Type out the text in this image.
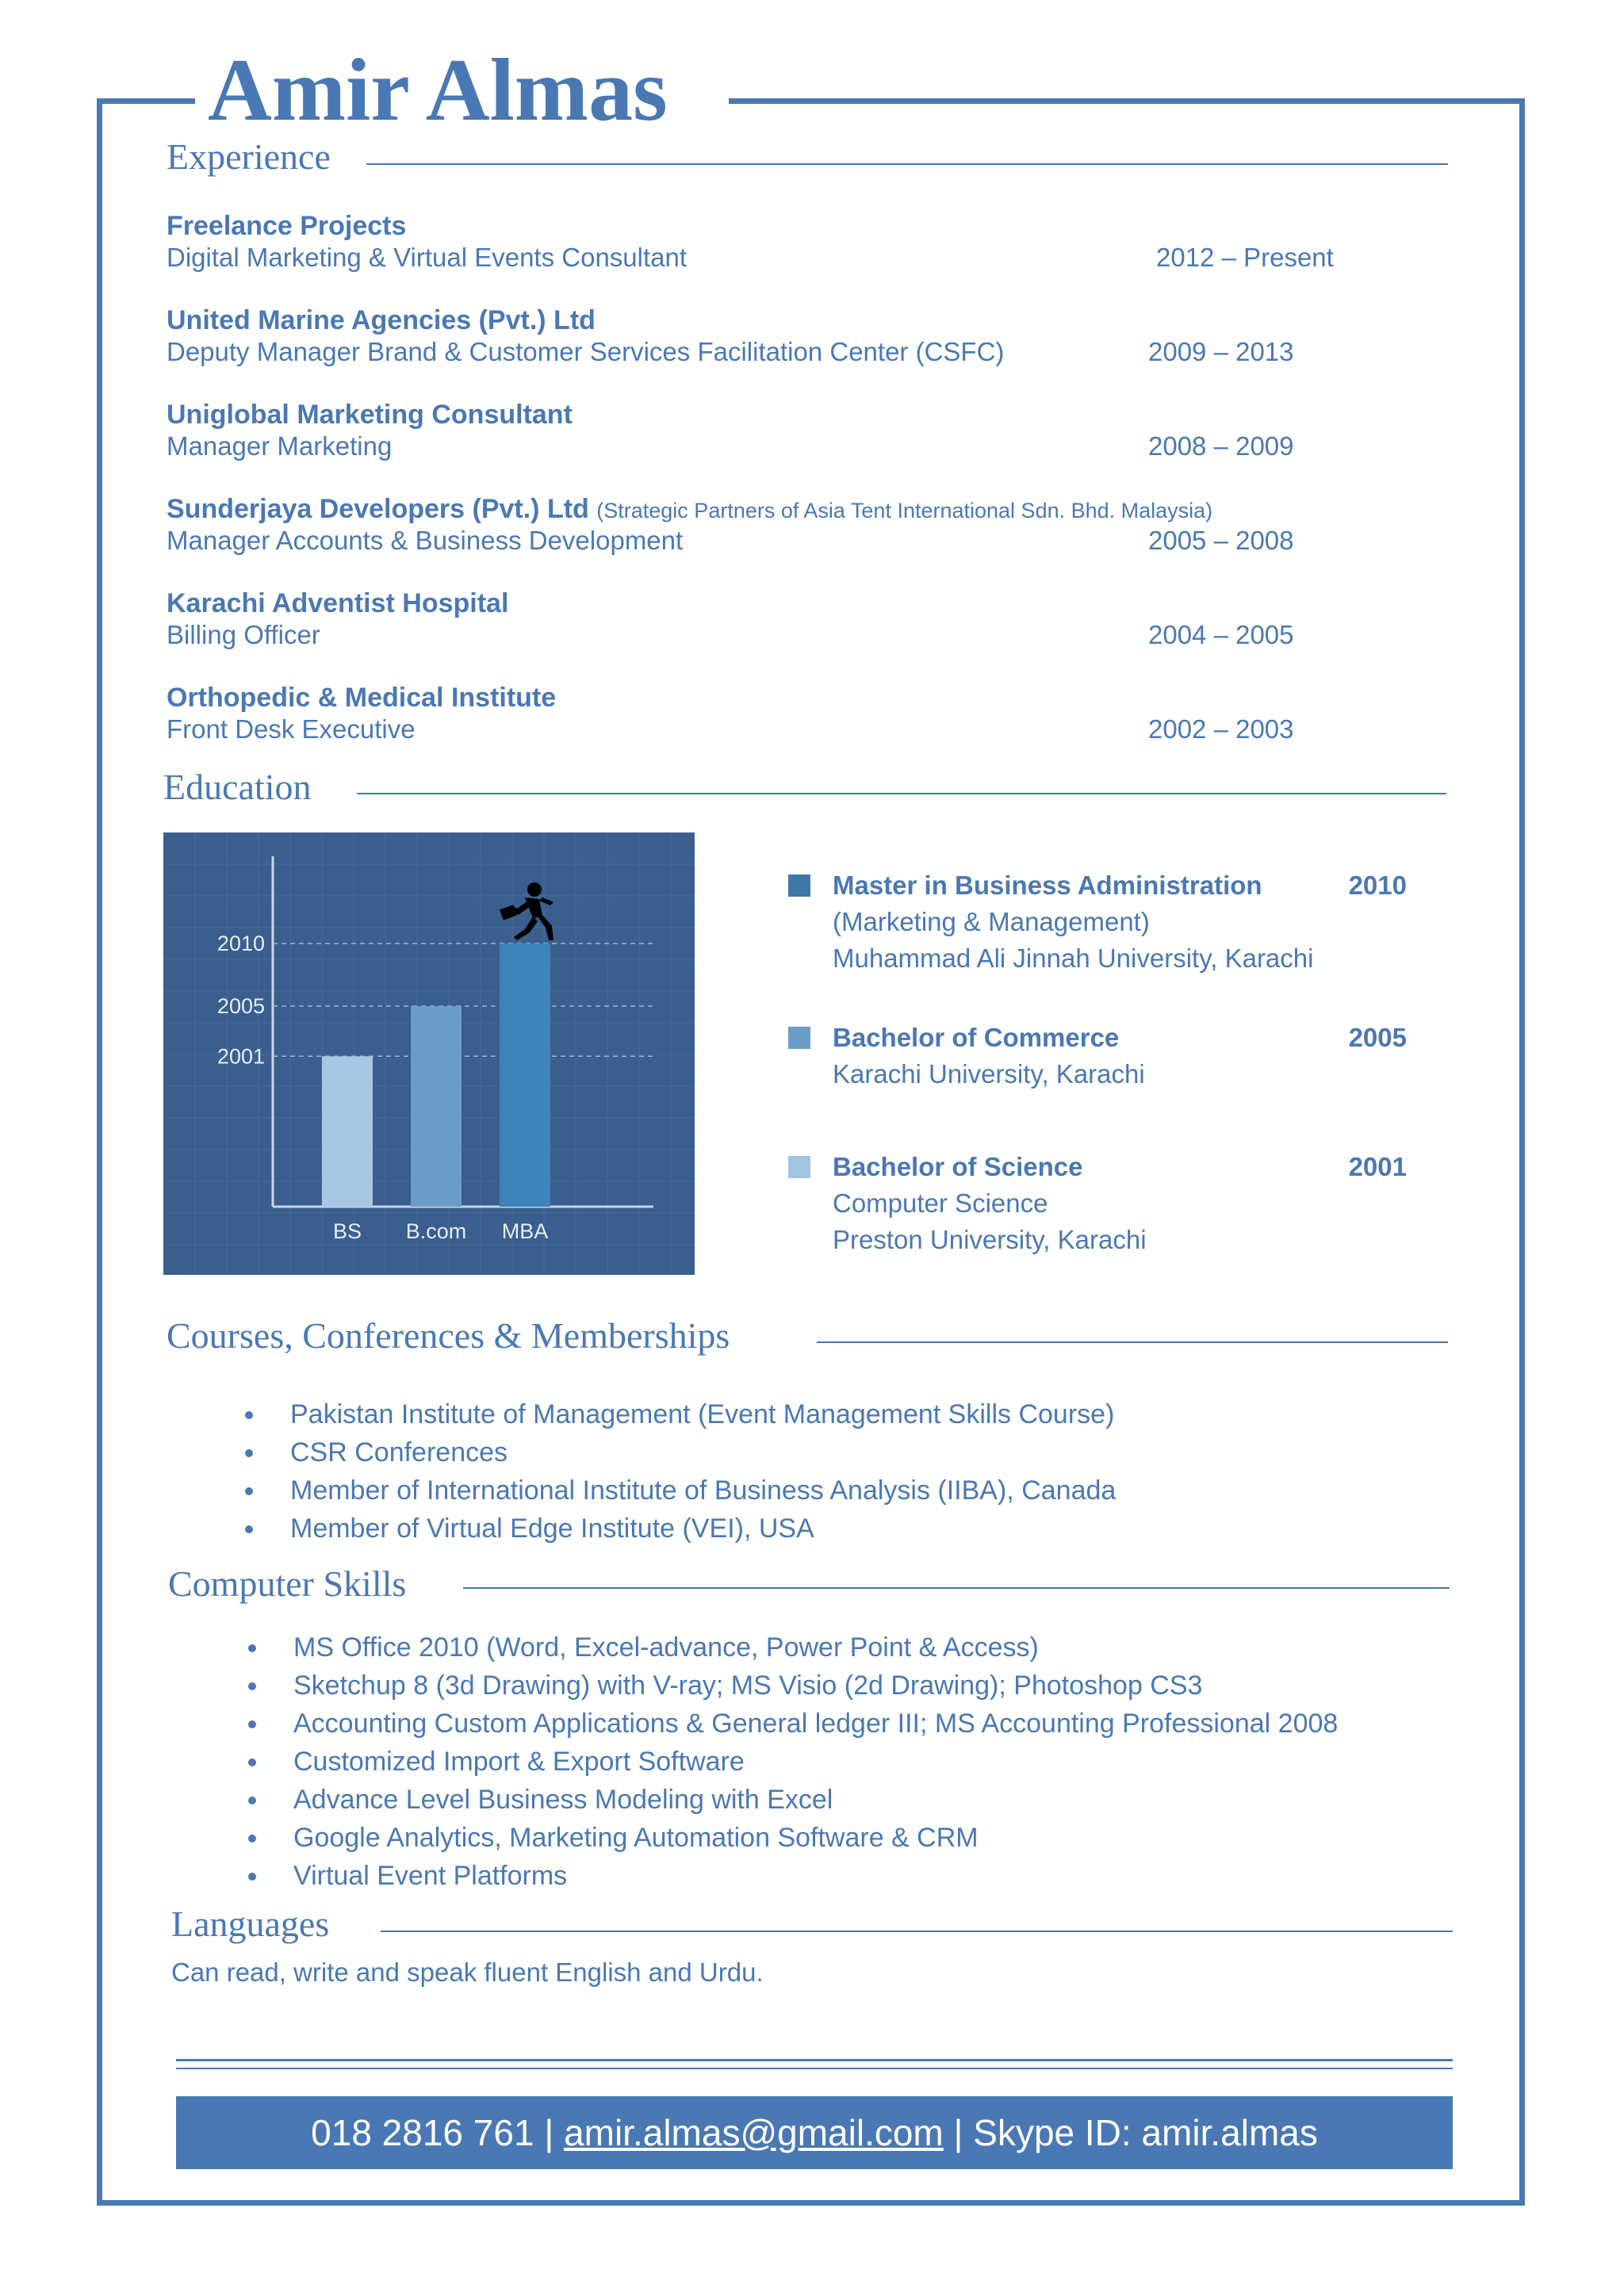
Amir Almas
Experience
Freelance Projects
Digital Marketing & Virtual Events Consultant	2012 – Present
United Marine Agencies (Pvt.) Ltd
Deputy Manager Brand & Customer Services Facilitation Center (CSFC)	2009 – 2013
Uniglobal Marketing Consultant
Manager Marketing	2008 – 2009
Sunderjaya Developers (Pvt.) Ltd (Strategic Partners of Asia Tent International Sdn. Bhd. Malaysia)
Manager Accounts & Business Development	2005 – 2008
Karachi Adventist Hospital
Billing Officer	2004 – 2005
Orthopedic & Medical Institute
Front Desk Executive	2002 – 2003
Education
2001
2005
2010
BS B.com MBA
Master in Business Administration	2010
(Marketing & Management)
Muhammad Ali Jinnah University, Karachi
Bachelor of Commerce	2005
Karachi University, Karachi
Bachelor of Science	2001
Computer Science
Preston University, Karachi
Courses, Conferences & Memberships
Pakistan Institute of Management (Event Management Skills Course)
CSR Conferences
Member of International Institute of Business Analysis (IIBA), Canada
Member of Virtual Edge Institute (VEI), USA
Computer Skills
MS Office 2010 (Word, Excel-advance, Power Point & Access)
Sketchup 8 (3d Drawing) with V-ray; MS Visio (2d Drawing); Photoshop CS3
Accounting Custom Applications & General ledger III; MS Accounting Professional 2008
Customized Import & Export Software
Advance Level Business Modeling with Excel
Google Analytics, Marketing Automation Software & CRM
Virtual Event Platforms
Languages
Can read, write and speak fluent English and Urdu.
018 2816 761 | amir.almas@gmail.com | Skype ID: amir.almas
